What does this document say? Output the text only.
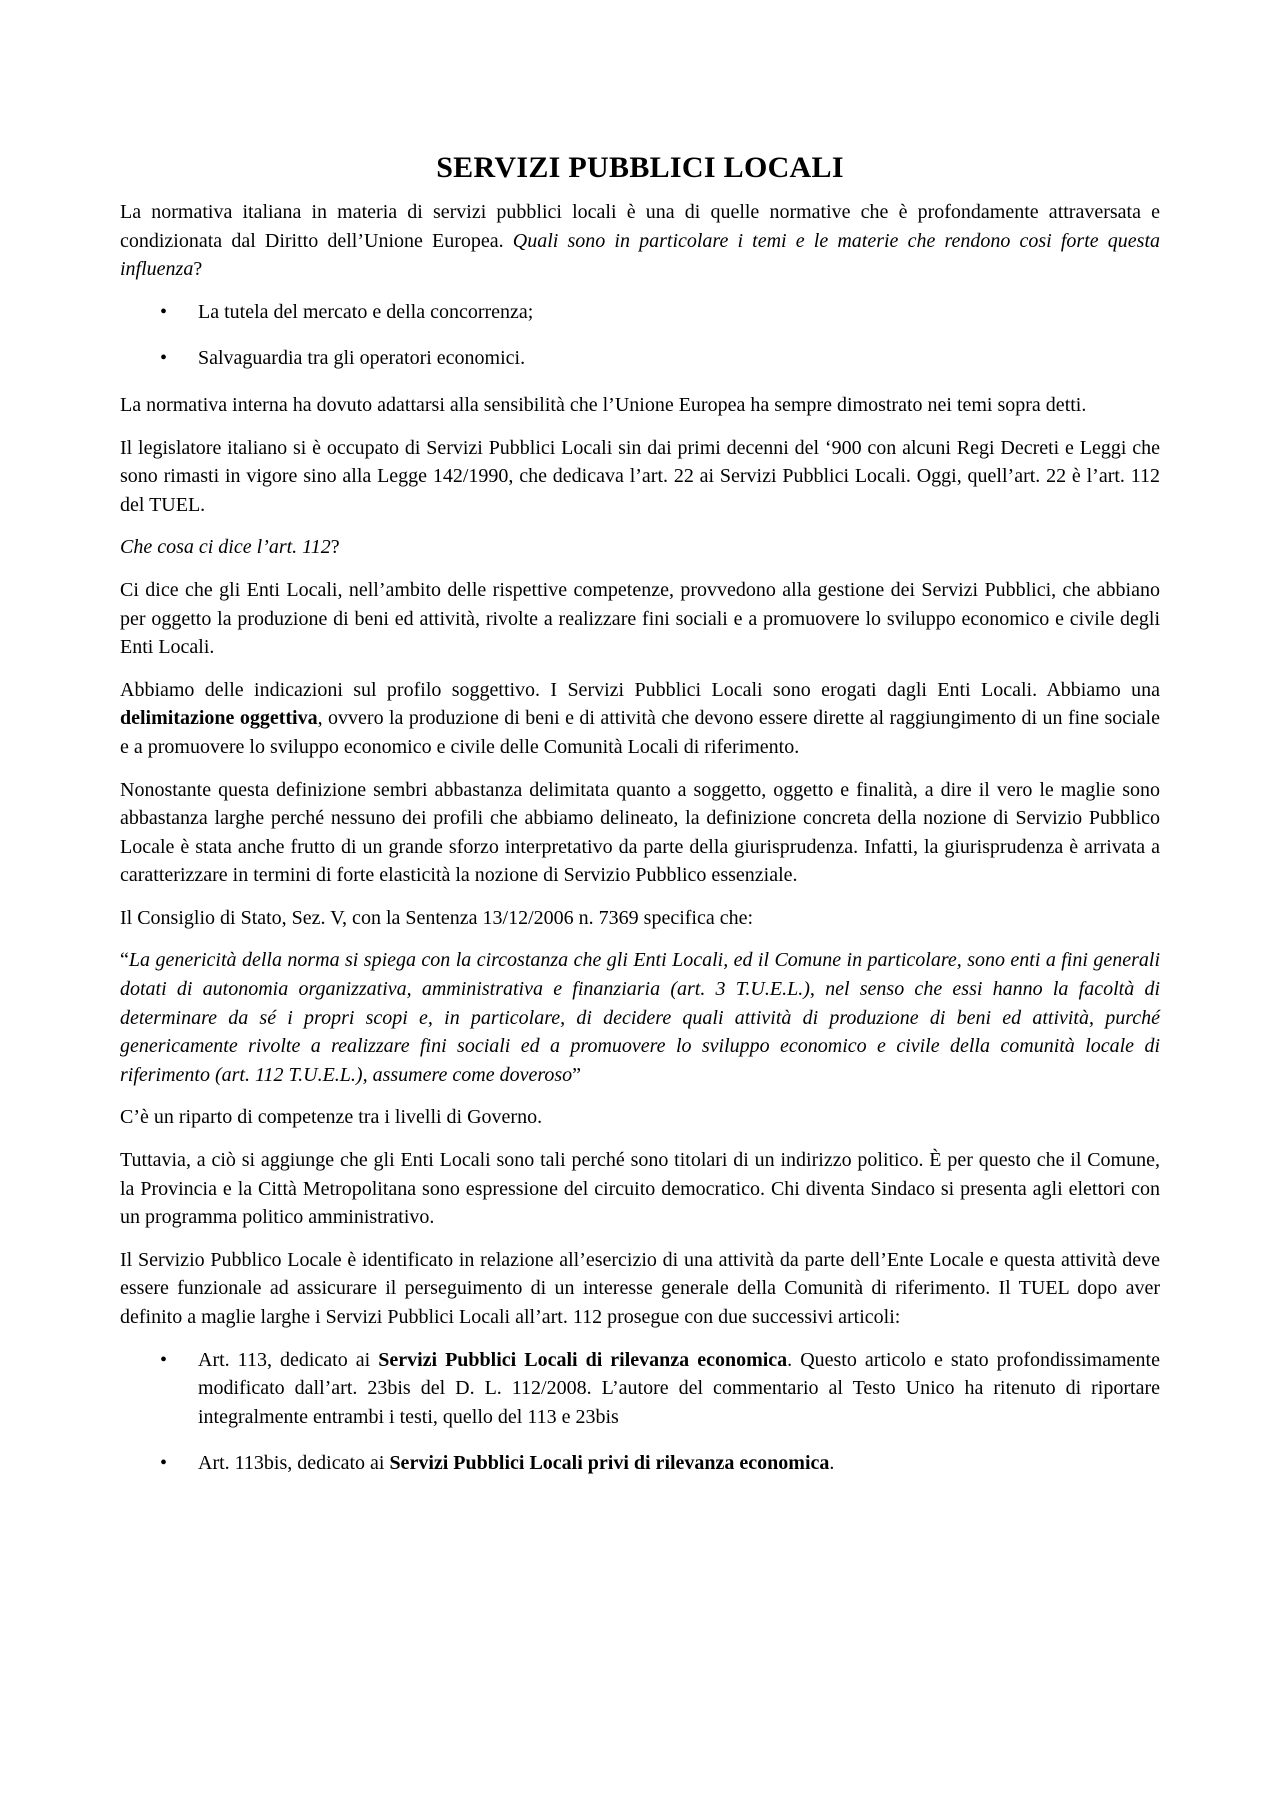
SERVIZI PUBBLICI LOCALI

La normativa italiana in materia di servizi pubblici locali è una di quelle normative che è profondamente attraversata e condizionata dal Diritto dell’Unione Europea. Quali sono in particolare i temi e le materie che rendono cosi forte questa influenza?

• La tutela del mercato e della concorrenza;
• Salvaguardia tra gli operatori economici.

La normativa interna ha dovuto adattarsi alla sensibilità che l’Unione Europea ha sempre dimostrato nei temi sopra detti.

Il legislatore italiano si è occupato di Servizi Pubblici Locali sin dai primi decenni del ‘900 con alcuni Regi Decreti e Leggi che sono rimasti in vigore sino alla Legge 142/1990, che dedicava l’art. 22 ai Servizi Pubblici Locali. Oggi, quell’art. 22 è l’art. 112 del TUEL.

Che cosa ci dice l’art. 112?

Ci dice che gli Enti Locali, nell’ambito delle rispettive competenze, provvedono alla gestione dei Servizi Pubblici, che abbiano per oggetto la produzione di beni ed attività, rivolte a realizzare fini sociali e a promuovere lo sviluppo economico e civile degli Enti Locali.

Abbiamo delle indicazioni sul profilo soggettivo. I Servizi Pubblici Locali sono erogati dagli Enti Locali. Abbiamo una delimitazione oggettiva, ovvero la produzione di beni e di attività che devono essere dirette al raggiungimento di un fine sociale e a promuovere lo sviluppo economico e civile delle Comunità Locali di riferimento.

Nonostante questa definizione sembri abbastanza delimitata quanto a soggetto, oggetto e finalità, a dire il vero le maglie sono abbastanza larghe perché nessuno dei profili che abbiamo delineato, la definizione concreta della nozione di Servizio Pubblico Locale è stata anche frutto di un grande sforzo interpretativo da parte della giurisprudenza. Infatti, la giurisprudenza è arrivata a caratterizzare in termini di forte elasticità la nozione di Servizio Pubblico essenziale.

Il Consiglio di Stato, Sez. V, con la Sentenza 13/12/2006 n. 7369 specifica che:

“La genericità della norma si spiega con la circostanza che gli Enti Locali, ed il Comune in particolare, sono enti a fini generali dotati di autonomia organizzativa, amministrativa e finanziaria (art. 3 T.U.E.L.), nel senso che essi hanno la facoltà di determinare da sé i propri scopi e, in particolare, di decidere quali attività di produzione di beni ed attività, purché genericamente rivolte a realizzare fini sociali ed a promuovere lo sviluppo economico e civile della comunità locale di riferimento (art. 112 T.U.E.L.), assumere come doveroso”

C’è un riparto di competenze tra i livelli di Governo.

Tuttavia, a ciò si aggiunge che gli Enti Locali sono tali perché sono titolari di un indirizzo politico. È per questo che il Comune, la Provincia e la Città Metropolitana sono espressione del circuito democratico. Chi diventa Sindaco si presenta agli elettori con un programma politico amministrativo.

Il Servizio Pubblico Locale è identificato in relazione all’esercizio di una attività da parte dell’Ente Locale e questa attività deve essere funzionale ad assicurare il perseguimento di un interesse generale della Comunità di riferimento. Il TUEL dopo aver definito a maglie larghe i Servizi Pubblici Locali all’art. 112 prosegue con due successivi articoli:

• Art. 113, dedicato ai Servizi Pubblici Locali di rilevanza economica. Questo articolo e stato profondissimamente modificato dall’art. 23bis del D. L. 112/2008. L’autore del commentario al Testo Unico ha ritenuto di riportare integralmente entrambi i testi, quello del 113 e 23bis
• Art. 113bis, dedicato ai Servizi Pubblici Locali privi di rilevanza economica.
